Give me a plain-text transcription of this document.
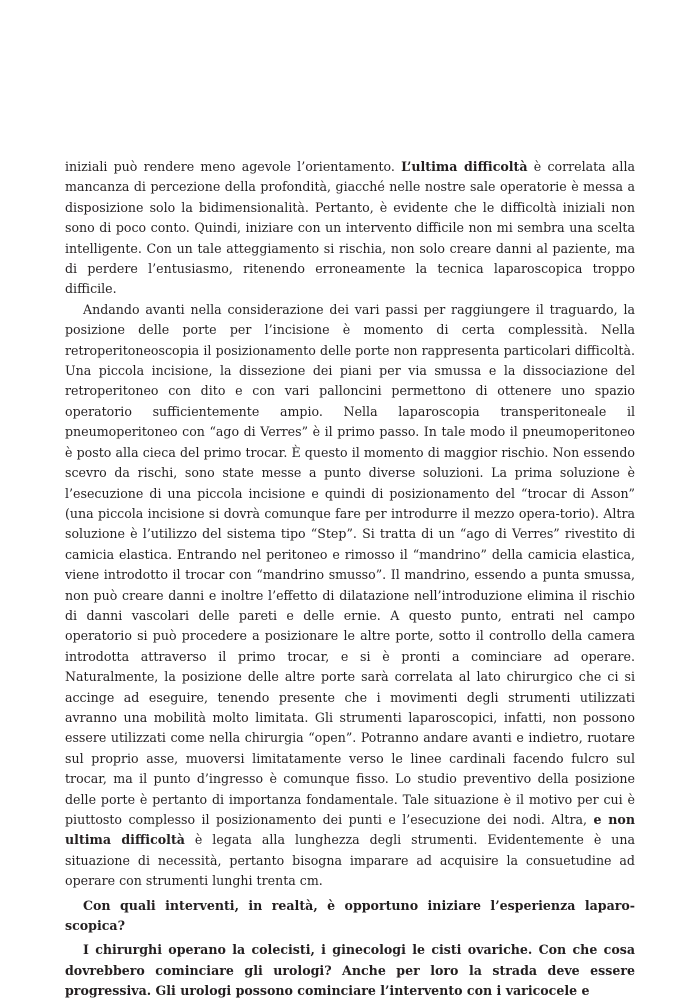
iniziali può rendere meno agevole l’orientamento. L’ultima difficoltà è correlata alla mancanza di percezione della profondità, giacché nelle nostre sale operatorie è messa a disposizione solo la bidimensionalità. Pertanto, è evidente che le difficoltà iniziali non sono di poco conto. Quindi, iniziare con un intervento difficile non mi sembra una scelta intelligente. Con un tale atteggiamento si rischia, non solo creare danni al paziente, ma di perdere l’entusiasmo, ritenendo erroneamente la tecnica laparoscopica troppo difficile.

Andando avanti nella considerazione dei vari passi per raggiungere il traguardo, la posizione delle porte per l’incisione è momento di certa complessità. Nella retroperitoneoscopia il posizionamento delle porte non rappresenta particolari difficoltà. Una piccola incisione, la dissezione dei piani per via smussa e la dissociazione del retroperitoneo con dito e con vari palloncini permettono di ottenere uno spazio operatorio sufficientemente ampio. Nella laparoscopia transperitoneale il pneumoperitoneo con “ago di Verres” è il primo passo. In tale modo il pneumoperitoneo è posto alla cieca del primo trocar. È questo il momento di maggior rischio. Non essendo scevro da rischi, sono state messe a punto diverse soluzioni. La prima soluzione è l’esecuzione di una piccola incisione e quindi di posizionamento del “trocar di Asson” (una piccola incisione si dovrà comunque fare per introdurre il mezzo opera-torio). Altra soluzione è l’utilizzo del sistema tipo “Step”. Si tratta di un “ago di Verres” rivestito di camicia elastica. Entrando nel peritoneo e rimosso il “mandrino” della camicia elastica, viene introdotto il trocar con “mandrino smusso”. Il mandrino, essendo a punta smussa, non può creare danni e inoltre l’effetto di dilatazione nell’introduzione elimina il rischio di danni vascolari delle pareti e delle ernie. A questo punto, entrati nel campo operatorio si può procedere a posizionare le altre porte, sotto il controllo della camera introdotta attraverso il primo trocar, e si è pronti a cominciare ad operare. Naturalmente, la posizione delle altre porte sarà correlata al lato chirurgico che ci si accinge ad eseguire, tenendo presente che i movimenti degli strumenti utilizzati avranno una mobilità molto limitata. Gli strumenti laparoscopici, infatti, non possono essere utilizzati come nella chirurgia “open”. Potranno andare avanti e indietro, ruotare sul proprio asse, muoversi limitatamente verso le linee cardinali facendo fulcro sul trocar, ma il punto d’ingresso è comunque fisso. Lo studio preventivo della posizione delle porte è pertanto di importanza fondamentale. Tale situazione è il motivo per cui è piuttosto complesso il posizionamento dei punti e l’esecuzione dei nodi. Altra, e non ultima difficoltà è legata alla lunghezza degli strumenti. Evidentemente è una situazione di necessità, pertanto bisogna imparare ad acquisire la consuetudine ad operare con strumenti lunghi trenta cm.

Con quali interventi, in realtà, è opportuno iniziare l’esperienza laparoscopica?

I chirurghi operano la colecisti, i ginecologi le cisti ovariche. Con che cosa dovrebbero cominciare gli urologi? Anche per loro la strada deve essere progressiva. Gli urologi possono cominciare l’intervento con i varicocele e
